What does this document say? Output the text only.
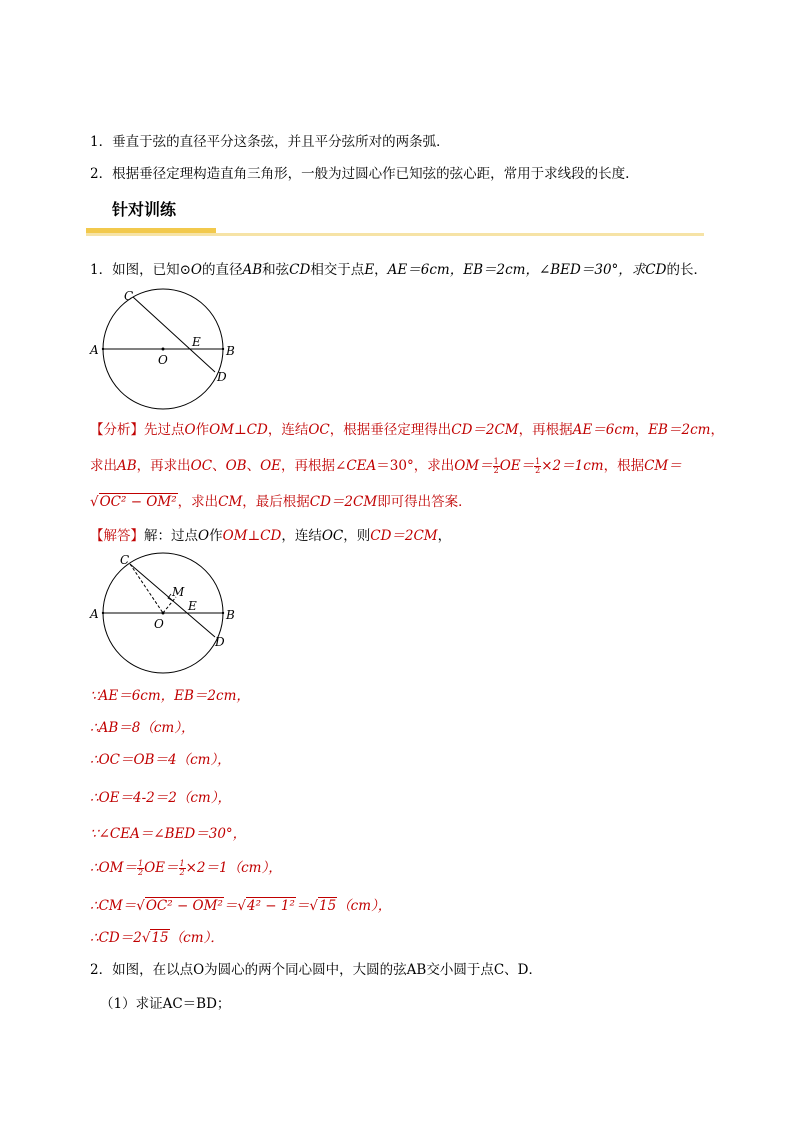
1．垂直于弦的直径平分这条弦，并且平分弦所对的两条弧．
2．根据垂径定理构造直角三角形，一般为过圆心作已知弦的弦心距，常用于求线段的长度.
针对训练
1．如图，已知⊙O的直径AB和弦CD相交于点E，AE＝6cm，EB＝2cm，∠BED＝30°，求CD的长．
A	B
C
D
E
O
【分析】先过点O作OM⊥CD，连结OC，根据垂径定理得出CD＝2CM，再根据AE＝6cm，EB＝2cm，
求出AB，再求出OC、OB、OE，再根据∠CEA＝30°，求出$OM= \frac{1}{2} OE= \frac{1}{2} \times 2=1cm$，根据CM＝
√OC² − OM²，求出CM，最后根据CD＝2CM即可得出答案．
【解答】解：过点O作OM⊥CD，连结OC，则CD＝2CM，
A	B
C
D
E
M
O
∵AE＝6cm，EB＝2cm，
∴AB＝8（cm），
∴OC＝OB＝4（cm），
∴OE＝4-2＝2（cm），
∵∠CEA＝∠BED＝30°，
∴OM＝ $\frac{1}{2} OE= \frac{1}{2} \times 2=1(cm)$，
∴CM＝√OC² − OM²＝√4² − 1²＝√15（cm），
∴CD＝2√15（cm）．
2．如图，在以点O为圆心的两个同心圆中，大圆的弦AB交小圆于点C、D．
（1）求证AC＝BD；
